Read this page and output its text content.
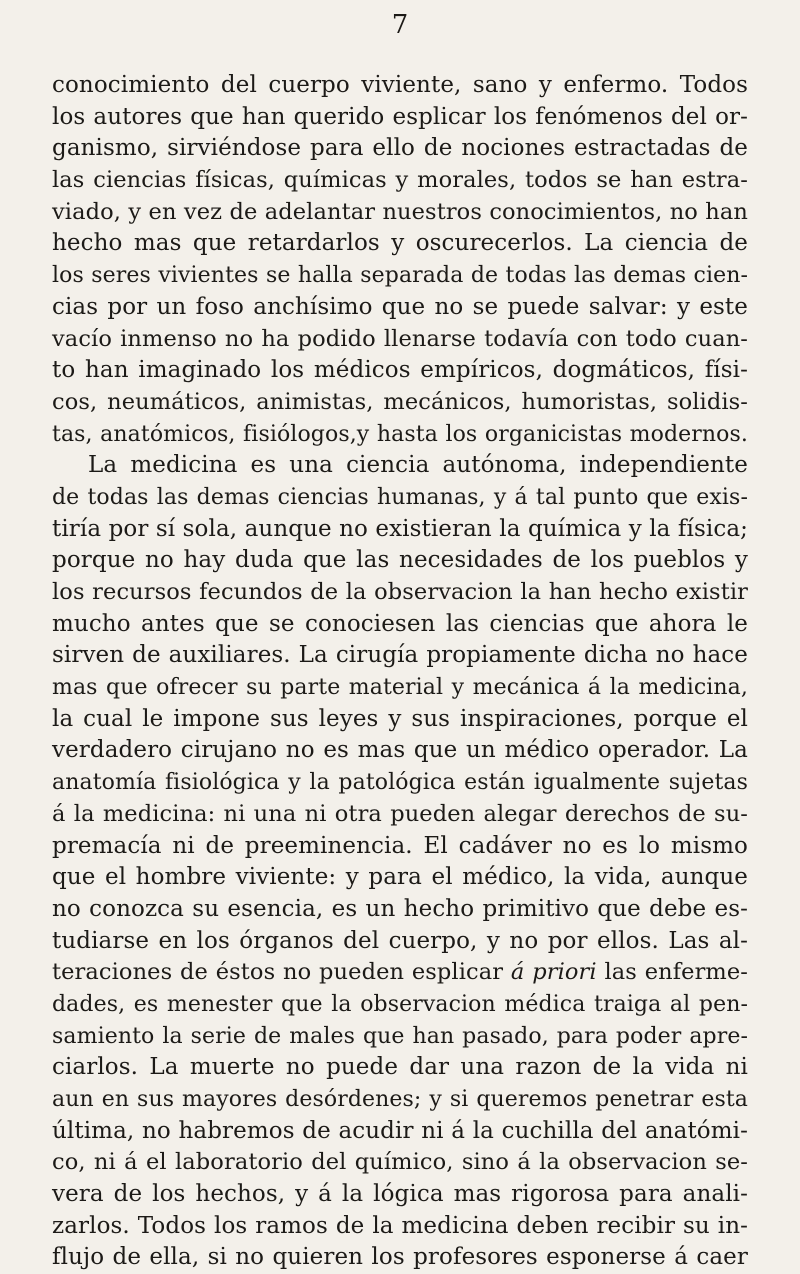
7
conocimiento del cuerpo viviente, sano y enfermo. Todos
los autores que han querido esplicar los fenómenos del or-
ganismo, sirviéndose para ello de nociones estractadas de
las ciencias físicas, químicas y morales, todos se han estra-
viado, y en vez de adelantar nuestros conocimientos, no han
hecho mas que retardarlos y oscurecerlos. La ciencia de
los seres vivientes se halla separada de todas las demas cien-
cias por un foso anchísimo que no se puede salvar: y este
vacío inmenso no ha podido llenarse todavía con todo cuan-
to han imaginado los médicos empíricos, dogmáticos, físi-
cos, neumáticos, animistas, mecánicos, humoristas, solidis-
tas, anatómicos, fisiólogos,y hasta los organicistas modernos.
La medicina es una ciencia autónoma, independiente
de todas las demas ciencias humanas, y á tal punto que exis-
tiría por sí sola, aunque no existieran la química y la física;
porque no hay duda que las necesidades de los pueblos y
los recursos fecundos de la observacion la han hecho existir
mucho antes que se conociesen las ciencias que ahora le
sirven de auxiliares. La cirugía propiamente dicha no hace
mas que ofrecer su parte material y mecánica á la medicina,
la cual le impone sus leyes y sus inspiraciones, porque el
verdadero cirujano no es mas que un médico operador. La
anatomía fisiológica y la patológica están igualmente sujetas
á la medicina: ni una ni otra pueden alegar derechos de su-
premacía ni de preeminencia. El cadáver no es lo mismo
que el hombre viviente: y para el médico, la vida, aunque
no conozca su esencia, es un hecho primitivo que debe es-
tudiarse en los órganos del cuerpo, y no por ellos. Las al-
teraciones de éstos no pueden esplicar á priori las enferme-
dades, es menester que la observacion médica traiga al pen-
samiento la serie de males que han pasado, para poder apre-
ciarlos. La muerte no puede dar una razon de la vida ni
aun en sus mayores desórdenes; y si queremos penetrar esta
última, no habremos de acudir ni á la cuchilla del anatómi-
co, ni á el laboratorio del químico, sino á la observacion se-
vera de los hechos, y á la lógica mas rigorosa para anali-
zarlos. Todos los ramos de la medicina deben recibir su in-
flujo de ella, si no quieren los profesores esponerse á caer
